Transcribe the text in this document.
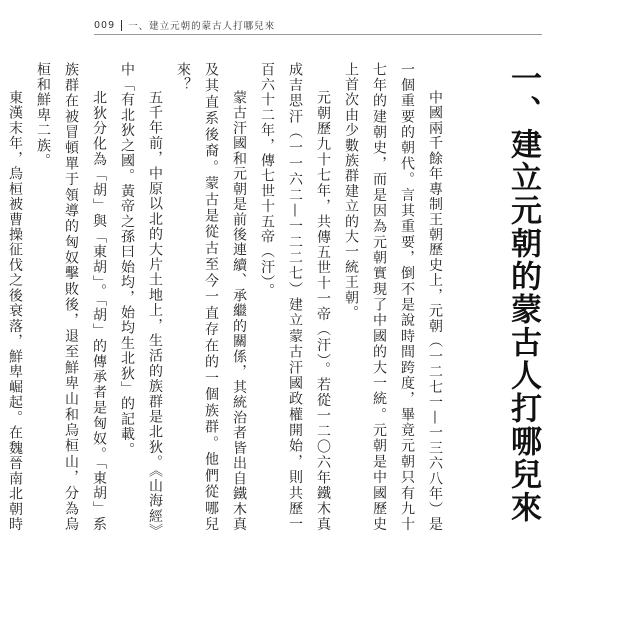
009 一、建立元朝的蒙古人打哪兒來
一、建立元朝的蒙古人打哪兒來

中國兩千餘年專制王朝歷史上，元朝（一二七一—一三六八年）是一個重要的朝代。言其重要，倒不是說時間跨度，畢竟元朝只有九十七年的建朝史，而是因為元朝實現了中國的大一統。元朝是中國歷史上首次由少數族群建立的大一統王朝。

元朝歷九十七年，共傳五世十一帝（汗）。若從一二〇六年鐵木真成吉思汗（一一六二—一二二七）建立蒙古汗國政權開始，則共歷一百六十二年，傳七世十五帝（汗）。

蒙古汗國和元朝是前後連續、承繼的關係，其統治者皆出自鐵木真及其直系後裔。蒙古是從古至今一直存在的一個族群。他們從哪兒來？

五千年前，中原以北的大片土地上，生活的族群是北狄。《山海經》中「有北狄之國。黃帝之孫曰始均，始均生北狄」的記載。

北狄分化為「胡」與「東胡」。「胡」的傳承者是匈奴。「東胡」系族群在被冒頓單于領導的匈奴擊敗後，退至鮮卑山和烏桓山，分為烏桓和鮮卑二族。

東漢末年，烏桓被曹操征伐之後衰落，鮮卑崛起。在魏晉南北朝時
